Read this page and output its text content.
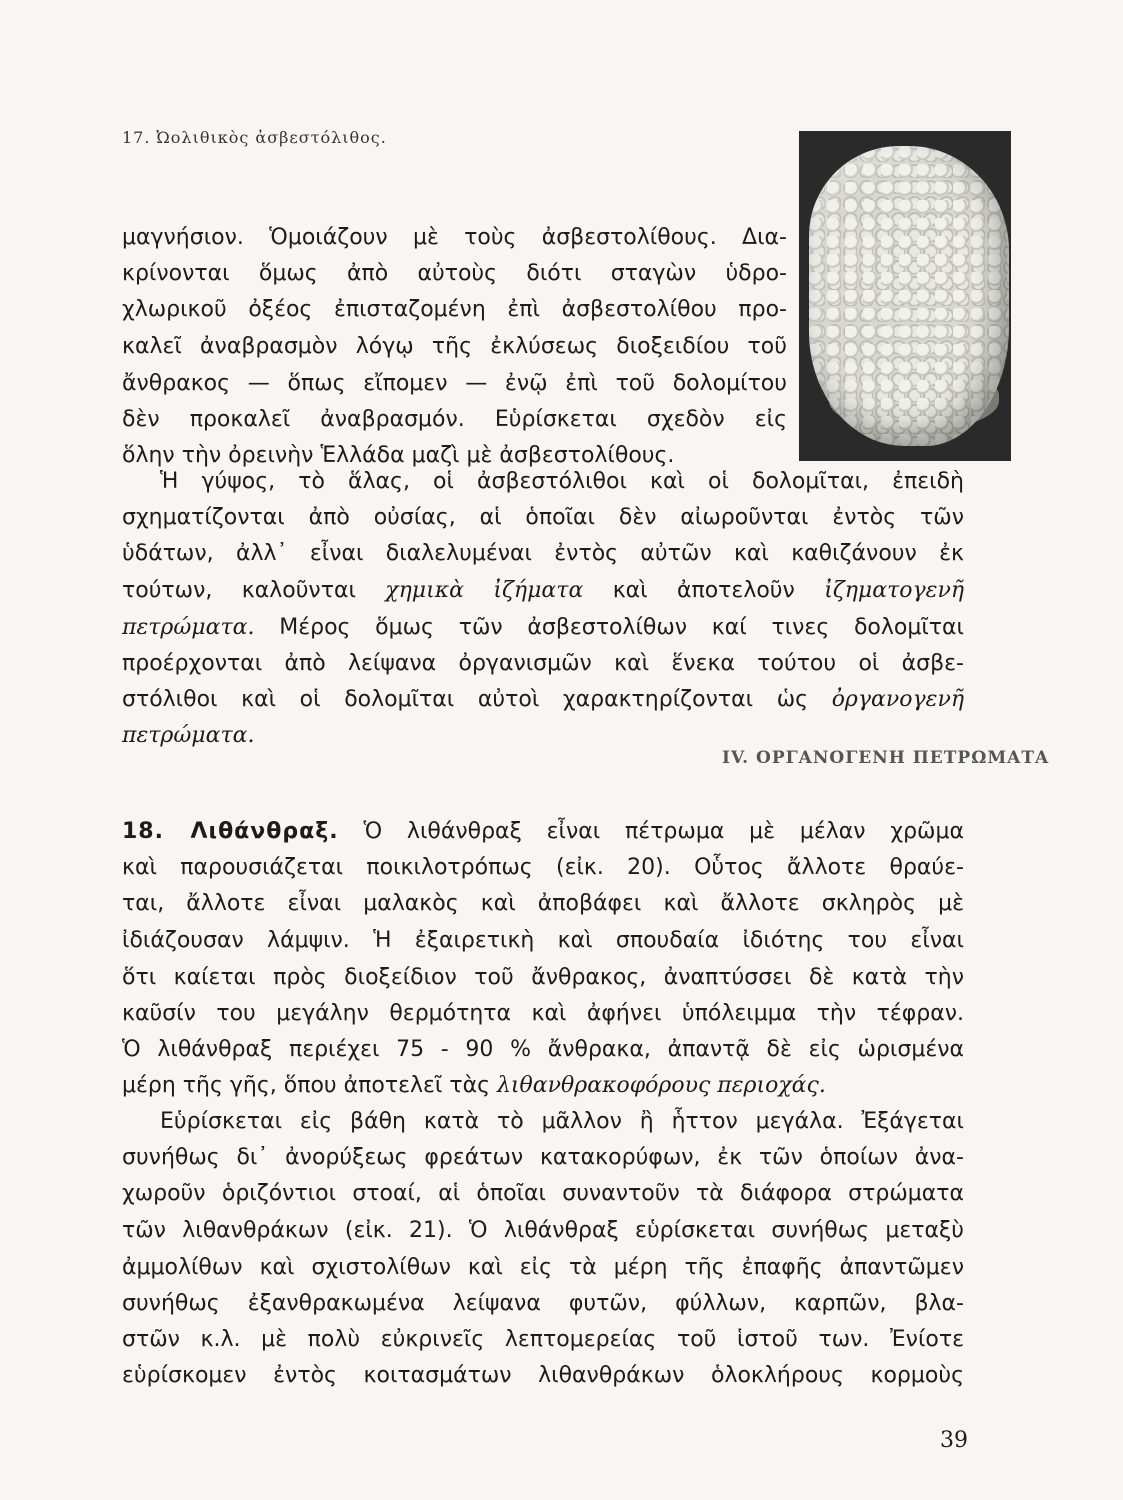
17. Ὠολιθικὸς ἀσβεστόλιθος.
μαγνήσιον. Ὁμοιάζουν μὲ τοὺς ἀσβεστολίθους. Δια-
κρίνονται ὅμως ἀπὸ αὐτοὺς διότι σταγὼν ὑδρο-
χλωρικοῦ ὀξέος ἐπισταζομένη ἐπὶ ἀσβεστολίθου προ-
καλεῖ ἀναβρασμὸν λόγῳ τῆς ἐκλύσεως διοξειδίου τοῦ
ἄνθρακος — ὅπως εἴπομεν — ἐνῷ ἐπὶ τοῦ δολομίτου
δὲν προκαλεῖ ἀναβρασμόν. Εὑρίσκεται σχεδὸν εἰς
ὅλην τὴν ὀρεινὴν Ἑλλάδα μαζὶ μὲ ἀσβεστολίθους.
Ἡ γύψος, τὸ ἅλας, οἱ ἀσβεστόλιθοι καὶ οἱ δολομῖται, ἐπειδὴ
σχηματίζονται ἀπὸ οὐσίας, αἱ ὁποῖαι δὲν αἰωροῦνται ἐντὸς τῶν
ὑδάτων, ἀλλ᾿ εἶναι διαλελυμέναι ἐντὸς αὐτῶν καὶ καθιζάνουν ἐκ
τούτων, καλοῦνται χημικὰ ἰζήματα καὶ ἀποτελοῦν ἰζηματογενῆ
πετρώματα. Μέρος ὅμως τῶν ἀσβεστολίθων καί τινες δολομῖται
προέρχονται ἀπὸ λείψανα ὀργανισμῶν καὶ ἕνεκα τούτου οἱ ἀσβε-
στόλιθοι καὶ οἱ δολομῖται αὐτοὶ χαρακτηρίζονται ὡς ὀργανογενῆ
πετρώματα.
IV. ΟΡΓΑΝΟΓΕΝΗ ΠΕΤΡΩΜΑΤΑ
18. Λιθάνθραξ. Ὁ λιθάνθραξ εἶναι πέτρωμα μὲ μέλαν χρῶμα
καὶ παρουσιάζεται ποικιλοτρόπως (εἰκ. 20). Οὗτος ἄλλοτε θραύε-
ται, ἄλλοτε εἶναι μαλακὸς καὶ ἀποβάφει καὶ ἄλλοτε σκληρὸς μὲ
ἰδιάζουσαν λάμψιν. Ἡ ἐξαιρετικὴ καὶ σπουδαία ἰδιότης του εἶναι
ὅτι καίεται πρὸς διοξείδιον τοῦ ἄνθρακος, ἀναπτύσσει δὲ κατὰ τὴν
καῦσίν του μεγάλην θερμότητα καὶ ἀφήνει ὑπόλειμμα τὴν τέφραν.
Ὁ λιθάνθραξ περιέχει 75 - 90 % ἄνθρακα, ἀπαντᾷ δὲ εἰς ὡρισμένα
μέρη τῆς γῆς, ὅπου ἀποτελεῖ τὰς λιθανθρακοφόρους περιοχάς.
Εὑρίσκεται εἰς βάθη κατὰ τὸ μᾶλλον ἢ ἧττον μεγάλα. Ἐξάγεται
συνήθως δι᾿ ἀνορύξεως φρεάτων κατακορύφων, ἐκ τῶν ὁποίων ἀνα-
χωροῦν ὁριζόντιοι στοαί, αἱ ὁποῖαι συναντοῦν τὰ διάφορα στρώματα
τῶν λιθανθράκων (εἰκ. 21). Ὁ λιθάνθραξ εὑρίσκεται συνήθως μεταξὺ
ἀμμολίθων καὶ σχιστολίθων καὶ εἰς τὰ μέρη τῆς ἐπαφῆς ἀπαντῶμεν
συνήθως ἐξανθρακωμένα λείψανα φυτῶν, φύλλων, καρπῶν, βλα-
στῶν κ.λ. μὲ πολὺ εὐκρινεῖς λεπτομερείας τοῦ ἱστοῦ των. Ἐνίοτε
εὑρίσκομεν ἐντὸς κοιτασμάτων λιθανθράκων ὁλοκλήρους κορμοὺς
39
